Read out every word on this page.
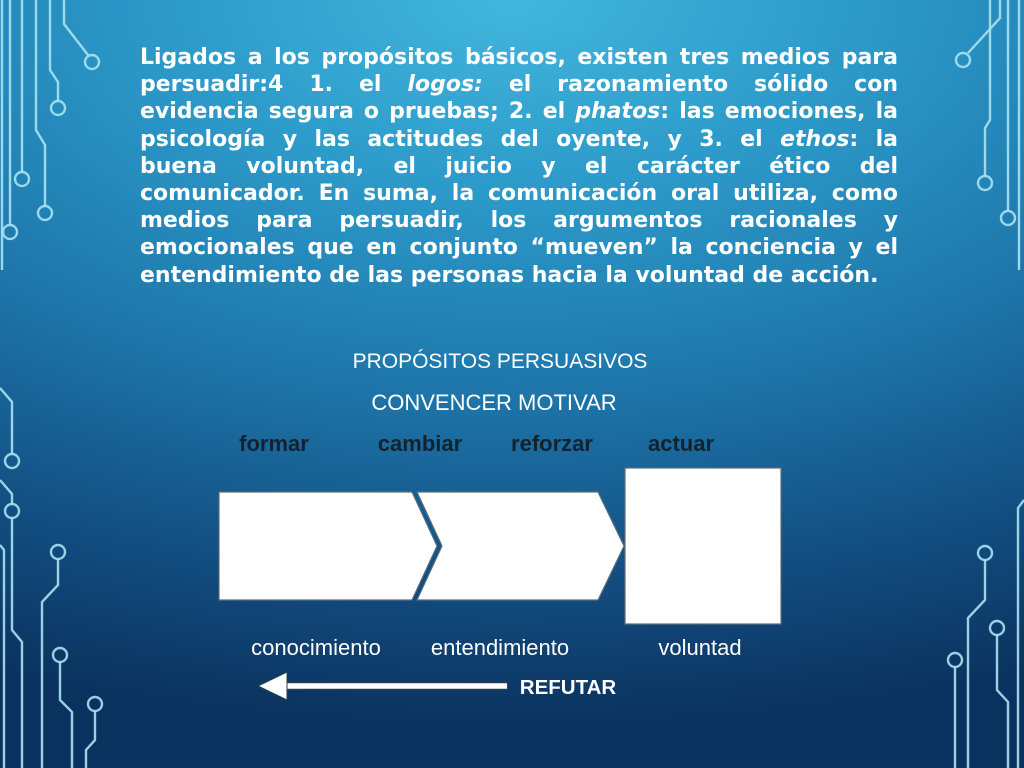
Ligados a los propósitos básicos, existen tres medios para
persuadir:4 1. el logos: el razonamiento sólido con
evidencia segura o pruebas; 2. el phatos: las emociones, la
psicología y las actitudes del oyente, y 3. el ethos: la
buena voluntad, el juicio y el carácter ético del
comunicador. En suma, la comunicación oral utiliza, como
medios para persuadir, los argumentos racionales y
emocionales que en conjunto “mueven” la conciencia y el
entendimiento de las personas hacia la voluntad de acción.
PROPÓSITOS PERSUASIVOS
CONVENCER MOTIVAR
formar	cambiar	reforzar	actuar
conocimiento	entendimiento	voluntad
REFUTAR
